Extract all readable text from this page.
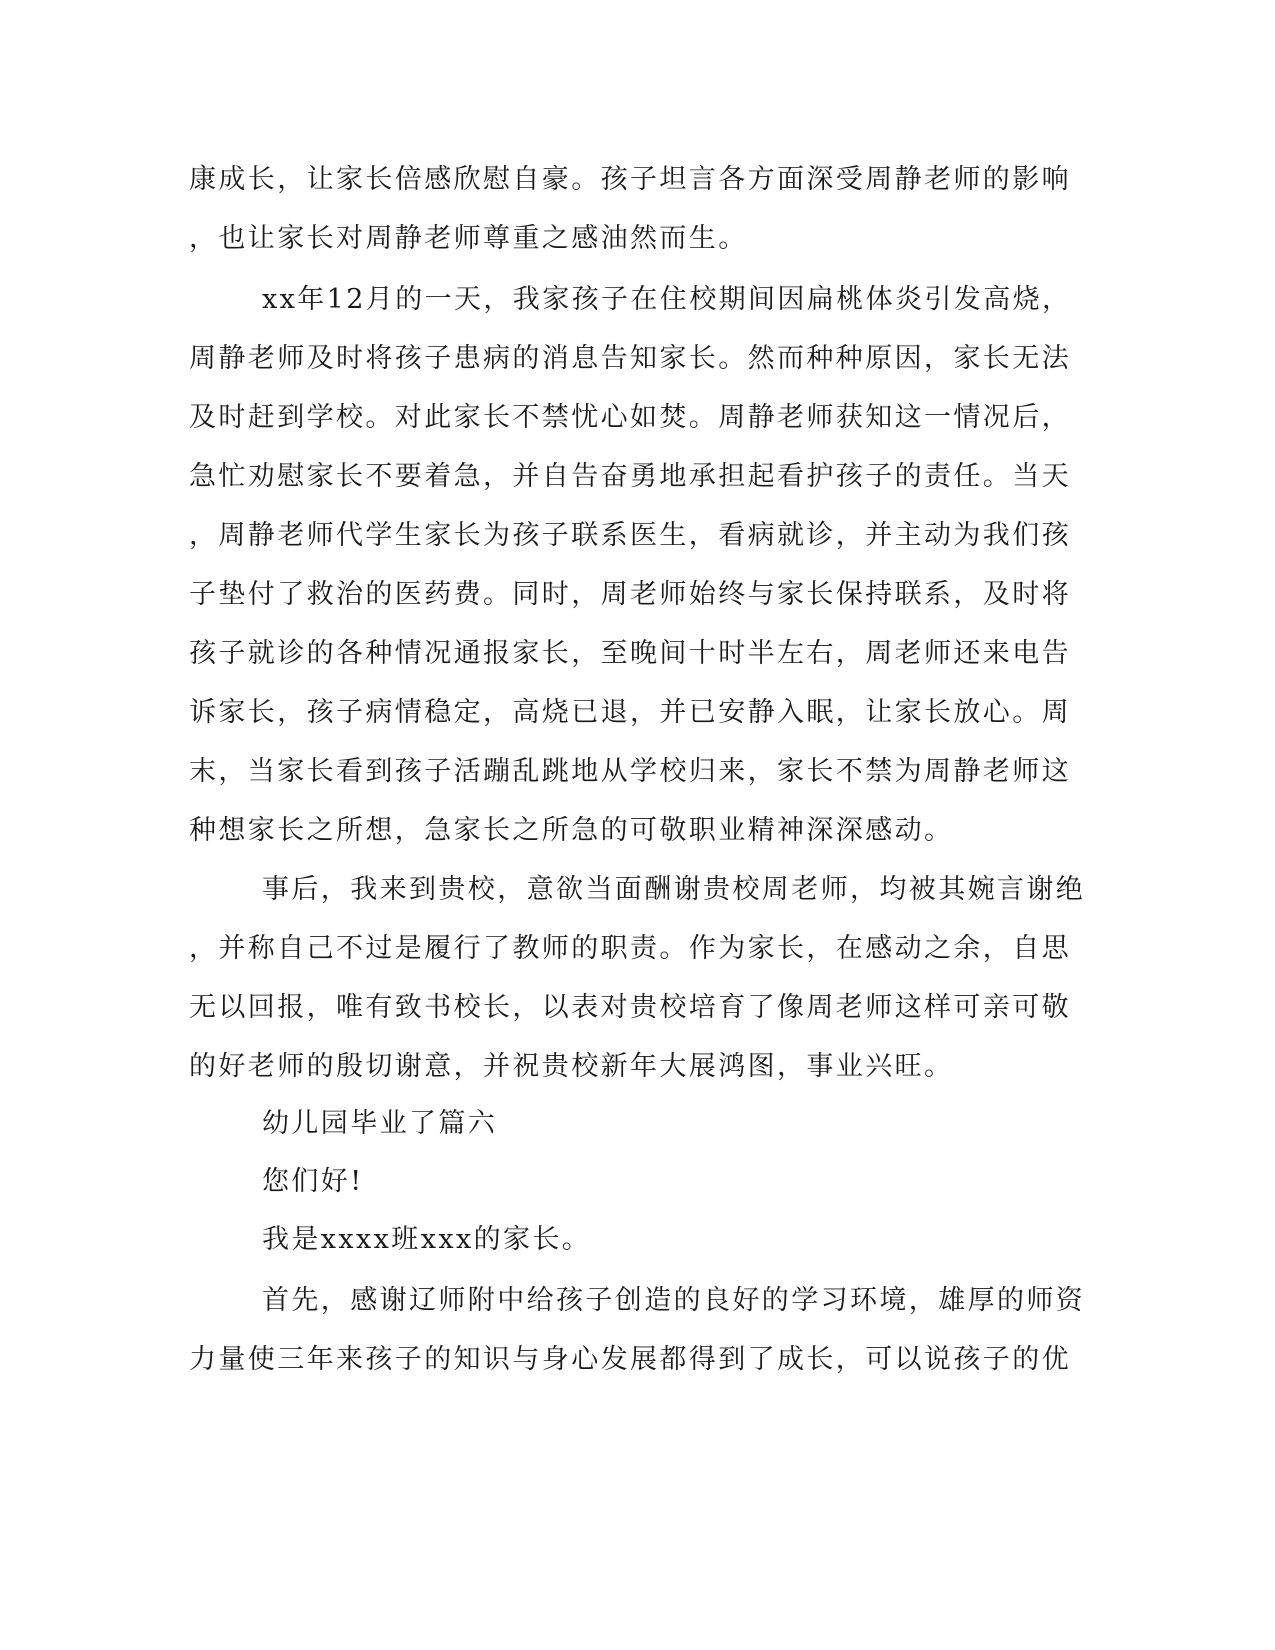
康成长，让家长倍感欣慰自豪。孩子坦言各方面深受周静老师的影响
，也让家长对周静老师尊重之感油然而生。
xx年12月的一天，我家孩子在住校期间因扁桃体炎引发高烧，
周静老师及时将孩子患病的消息告知家长。然而种种原因，家长无法
及时赶到学校。对此家长不禁忧心如焚。周静老师获知这一情况后，
急忙劝慰家长不要着急，并自告奋勇地承担起看护孩子的责任。当天
，周静老师代学生家长为孩子联系医生，看病就诊，并主动为我们孩
子垫付了救治的医药费。同时，周老师始终与家长保持联系，及时将
孩子就诊的各种情况通报家长，至晚间十时半左右，周老师还来电告
诉家长，孩子病情稳定，高烧已退，并已安静入眠，让家长放心。周
末，当家长看到孩子活蹦乱跳地从学校归来，家长不禁为周静老师这
种想家长之所想，急家长之所急的可敬职业精神深深感动。
事后，我来到贵校，意欲当面酬谢贵校周老师，均被其婉言谢绝
，并称自己不过是履行了教师的职责。作为家长，在感动之余，自思
无以回报，唯有致书校长，以表对贵校培育了像周老师这样可亲可敬
的好老师的殷切谢意，并祝贵校新年大展鸿图，事业兴旺。
幼儿园毕业了篇六
您们好!
我是xxxx班xxx的家长。
首先，感谢辽师附中给孩子创造的良好的学习环境，雄厚的师资
力量使三年来孩子的知识与身心发展都得到了成长，可以说孩子的优
